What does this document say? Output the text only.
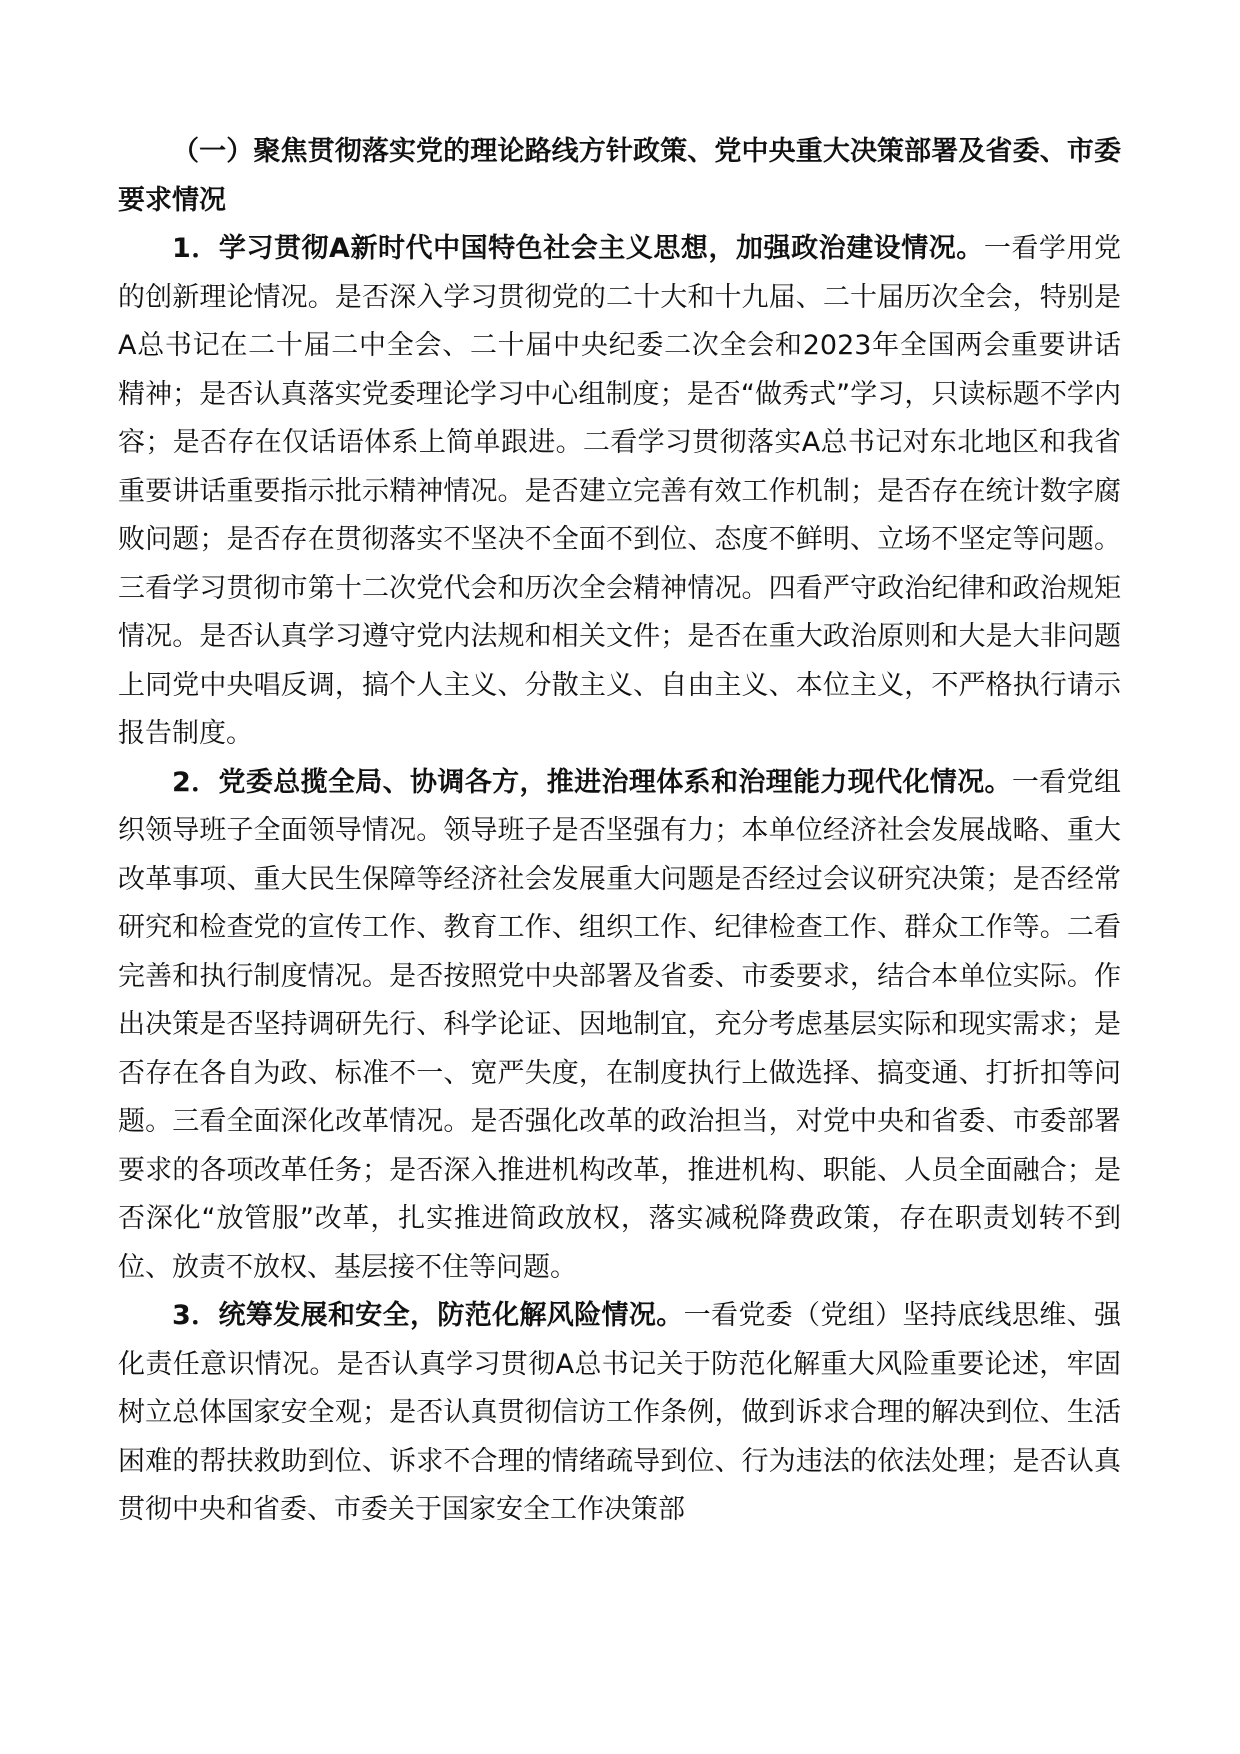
（一）聚焦贯彻落实党的理论路线方针政策、党中央重大决策部署及省委、市委要求情况

1．学习贯彻A新时代中国特色社会主义思想，加强政治建设情况。一看学用党的创新理论情况。是否深入学习贯彻党的二十大和十九届、二十届历次全会，特别是A总书记在二十届二中全会、二十届中央纪委二次全会和2023年全国两会重要讲话精神；是否认真落实党委理论学习中心组制度；是否“做秀式”学习，只读标题不学内容；是否存在仅话语体系上简单跟进。二看学习贯彻落实A总书记对东北地区和我省重要讲话重要指示批示精神情况。是否建立完善有效工作机制；是否存在统计数字腐败问题；是否存在贯彻落实不坚决不全面不到位、态度不鲜明、立场不坚定等问题。三看学习贯彻市第十二次党代会和历次全会精神情况。四看严守政治纪律和政治规矩情况。是否认真学习遵守党内法规和相关文件；是否在重大政治原则和大是大非问题上同党中央唱反调，搞个人主义、分散主义、自由主义、本位主义，不严格执行请示报告制度。

2．党委总揽全局、协调各方，推进治理体系和治理能力现代化情况。一看党组织领导班子全面领导情况。领导班子是否坚强有力；本单位经济社会发展战略、重大改革事项、重大民生保障等经济社会发展重大问题是否经过会议研究决策；是否经常研究和检查党的宣传工作、教育工作、组织工作、纪律检查工作、群众工作等。二看完善和执行制度情况。是否按照党中央部署及省委、市委要求，结合本单位实际。作出决策是否坚持调研先行、科学论证、因地制宜，充分考虑基层实际和现实需求；是否存在各自为政、标准不一、宽严失度，在制度执行上做选择、搞变通、打折扣等问题。三看全面深化改革情况。是否强化改革的政治担当，对党中央和省委、市委部署要求的各项改革任务；是否深入推进机构改革，推进机构、职能、人员全面融合；是否深化“放管服”改革，扎实推进简政放权，落实减税降费政策，存在职责划转不到位、放责不放权、基层接不住等问题。

3．统筹发展和安全，防范化解风险情况。一看党委（党组）坚持底线思维、强化责任意识情况。是否认真学习贯彻A总书记关于防范化解重大风险重要论述，牢固树立总体国家安全观；是否认真贯彻信访工作条例，做到诉求合理的解决到位、生活困难的帮扶救助到位、诉求不合理的情绪疏导到位、行为违法的依法处理；是否认真贯彻中央和省委、市委关于国家安全工作决策部
